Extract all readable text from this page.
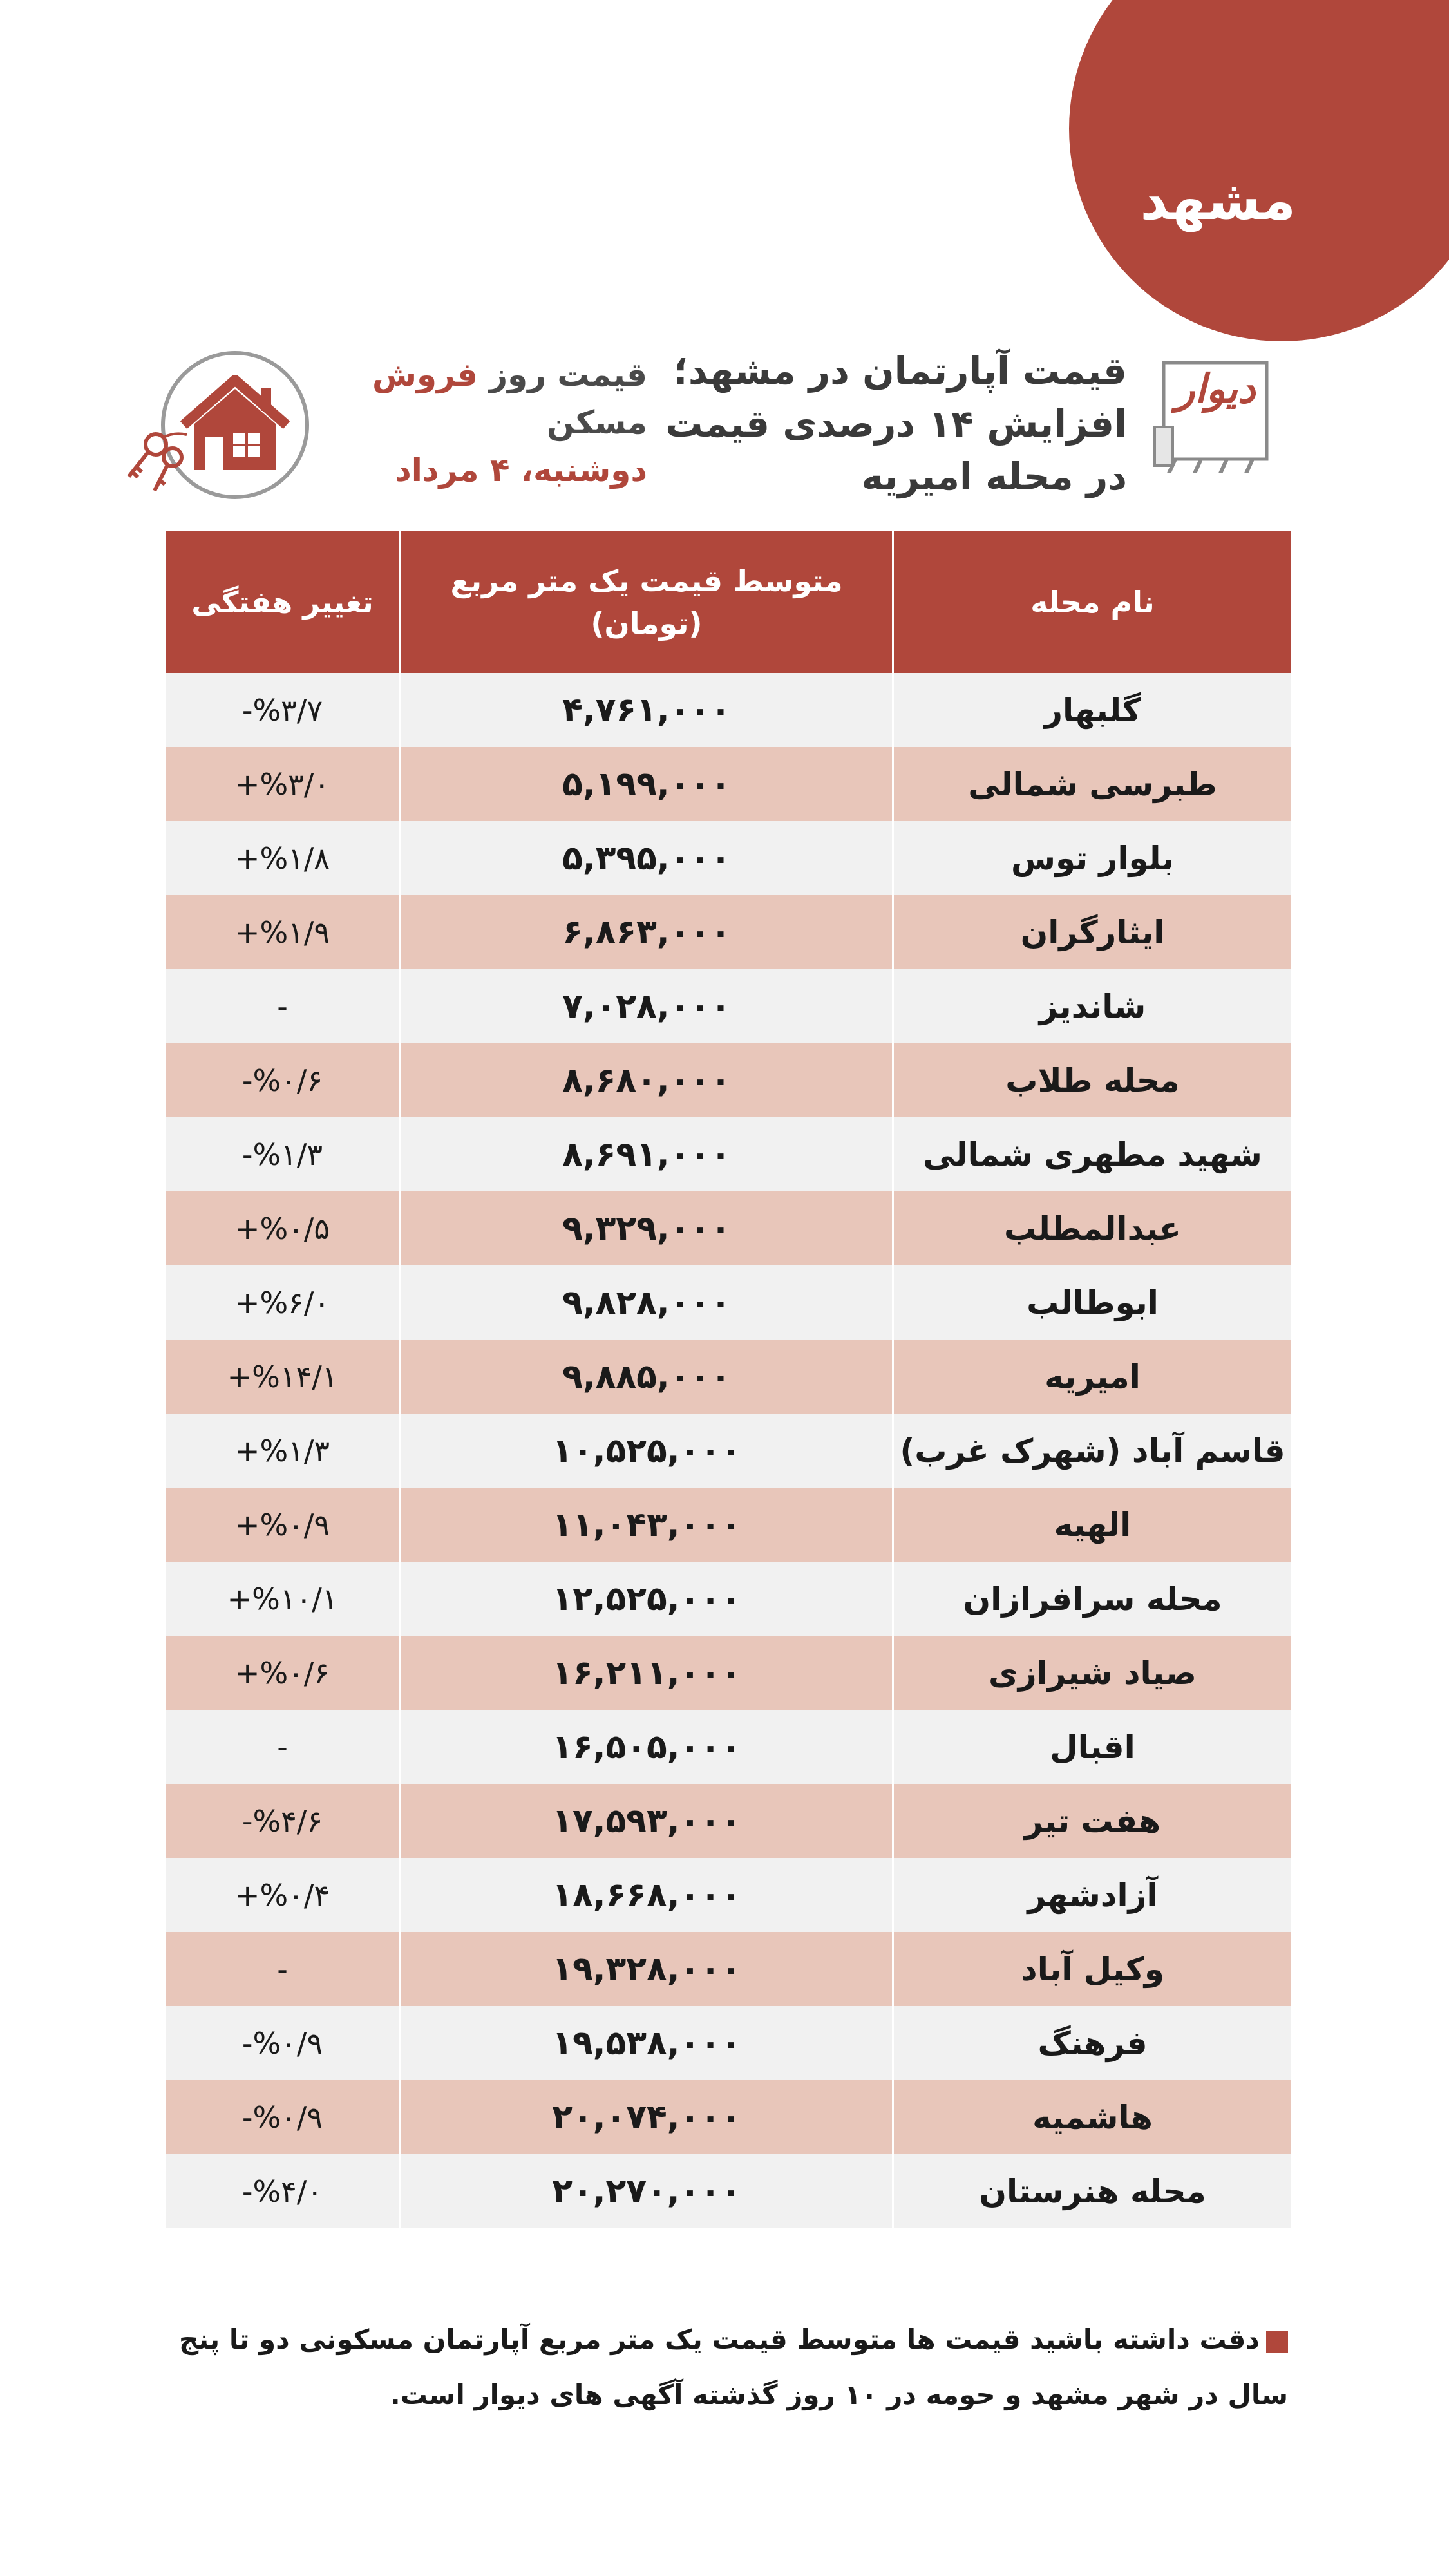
مشهد
دیوار
قیمت آپارتمان در مشهد؛ افزایش ۱۴ درصدی قیمت در محله امیریه
قیمت روز فروش مسکن
دوشنبه، ۴ مرداد
نام محله
متوسط قیمت یک متر مربع (تومان)
تغییر هفتگی
گلبهار
۴,۷۶۱,۰۰۰
-%۳/۷
طبرسی شمالی
۵,۱۹۹,۰۰۰
+%۳/۰
بلوار توس
۵,۳۹۵,۰۰۰
+%۱/۸
ایثارگران
۶,۸۶۳,۰۰۰
+%۱/۹
شاندیز
۷,۰۲۸,۰۰۰
-
محله طلاب
۸,۶۸۰,۰۰۰
-%۰/۶
شهید مطهری شمالی
۸,۶۹۱,۰۰۰
-%۱/۳
عبدالمطلب
۹,۳۲۹,۰۰۰
+%۰/۵
ابوطالب
۹,۸۲۸,۰۰۰
+%۶/۰
امیریه
۹,۸۸۵,۰۰۰
+%۱۴/۱
قاسم آباد (شهرک غرب)
۱۰,۵۲۵,۰۰۰
+%۱/۳
الهیه
۱۱,۰۴۳,۰۰۰
+%۰/۹
محله سرافرازان
۱۲,۵۲۵,۰۰۰
+%۱۰/۱
صیاد شیرازی
۱۶,۲۱۱,۰۰۰
+%۰/۶
اقبال
۱۶,۵۰۵,۰۰۰
-
هفت تیر
۱۷,۵۹۳,۰۰۰
-%۴/۶
آزادشهر
۱۸,۶۶۸,۰۰۰
+%۰/۴
وکیل آباد
۱۹,۳۲۸,۰۰۰
-
فرهنگ
۱۹,۵۳۸,۰۰۰
-%۰/۹
هاشمیه
۲۰,۰۷۴,۰۰۰
-%۰/۹
محله هنرستان
۲۰,۲۷۰,۰۰۰
-%۴/۰
دقت داشته باشید قیمت ها متوسط قیمت یک متر مربع آپارتمان مسکونی دو تا پنج سال در شهر مشهد و حومه در ۱۰ روز گذشته آگهی های دیوار است.
